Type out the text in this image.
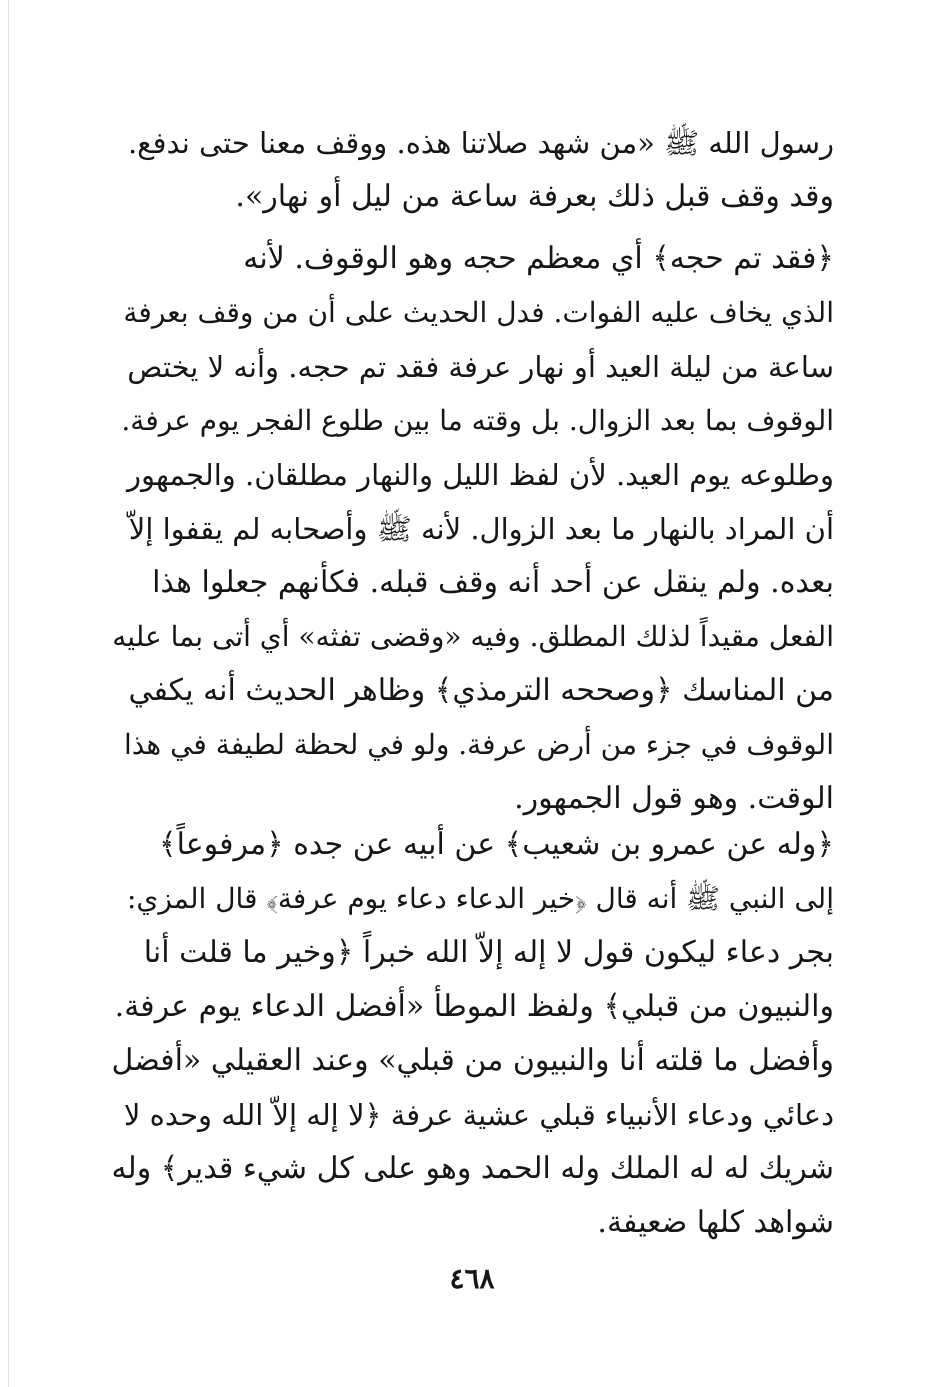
رسول الله ﷺ «من شهد صلاتنا هذه. ووقف معنا حتى ندفع.
وقد وقف قبل ذلك بعرفة ساعة من ليل أو نهار».
﴿فقد تم حجه﴾ أي معظم حجه وهو الوقوف. لأنه
الذي يخاف عليه الفوات. فدل الحديث على أن من وقف بعرفة
ساعة من ليلة العيد أو نهار عرفة فقد تم حجه. وأنه لا يختص
الوقوف بما بعد الزوال. بل وقته ما بين طلوع الفجر يوم عرفة.
وطلوعه يوم العيد. لأن لفظ الليل والنهار مطلقان. والجمهور
أن المراد بالنهار ما بعد الزوال. لأنه ﷺ وأصحابه لم يقفوا إلاّ
بعده. ولم ينقل عن أحد أنه وقف قبله. فكأنهم جعلوا هذا
الفعل مقيداً لذلك المطلق. وفيه «وقضى تفثه» أي أتى بما عليه
من المناسك ﴿وصححه الترمذي﴾ وظاهر الحديث أنه يكفي
الوقوف في جزء من أرض عرفة. ولو في لحظة لطيفة في هذا
الوقت. وهو قول الجمهور.
﴿وله عن عمرو بن شعيب﴾ عن أبيه عن جده ﴿مرفوعاً﴾
إلى النبي ﷺ أنه قال ﴿خير الدعاء دعاء يوم عرفة﴾ قال المزي:
بجر دعاء ليكون قول لا إله إلاّ الله خبراً ﴿وخير ما قلت أنا
والنبيون من قبلي﴾ ولفظ الموطأ «أفضل الدعاء يوم عرفة.
وأفضل ما قلته أنا والنبيون من قبلي» وعند العقيلي «أفضل
دعائي ودعاء الأنبياء قبلي عشية عرفة ﴿لا إله إلاّ الله وحده لا
شريك له له الملك وله الحمد وهو على كل شيء قدير﴾ وله
شواهد كلها ضعيفة.
٤٦٨
